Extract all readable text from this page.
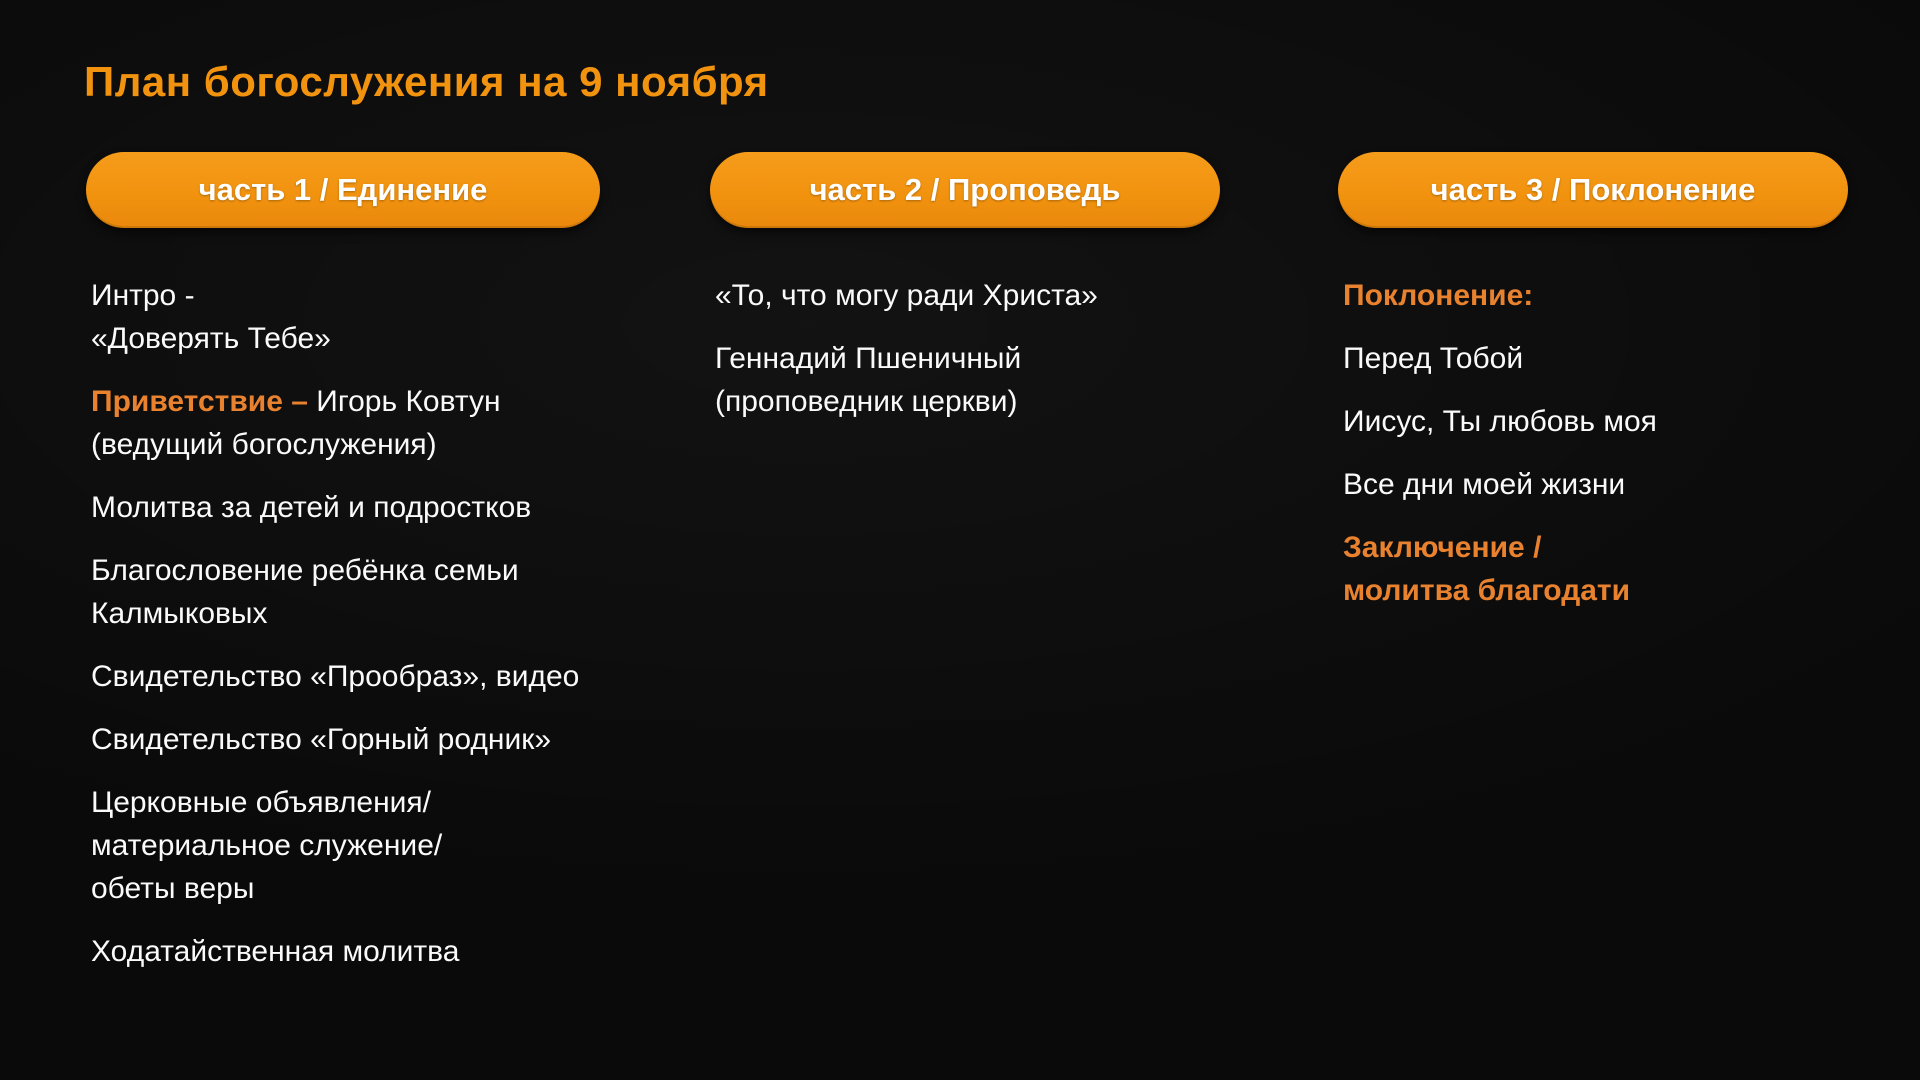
План богослужения на 9 ноября
часть 1 / Единение

Интро -
«Доверять Тебе»

Приветствие – Игорь Ковтун
(ведущий богослужения)

Молитва за детей и подростков

Благословение ребёнка семьи
Калмыковых

Свидетельство «Прообраз», видео

Свидетельство «Горный родник»

Церковные объявления/
материальное служение/
обеты веры

Ходатайственная молитва

часть 2 / Проповедь

«То, что могу ради Христа»

Геннадий Пшеничный
(проповедник церкви)

часть 3 / Поклонение

Поклонение:

Перед Тобой

Иисус, Ты любовь моя

Все дни моей жизни

Заключение /
молитва благодати
